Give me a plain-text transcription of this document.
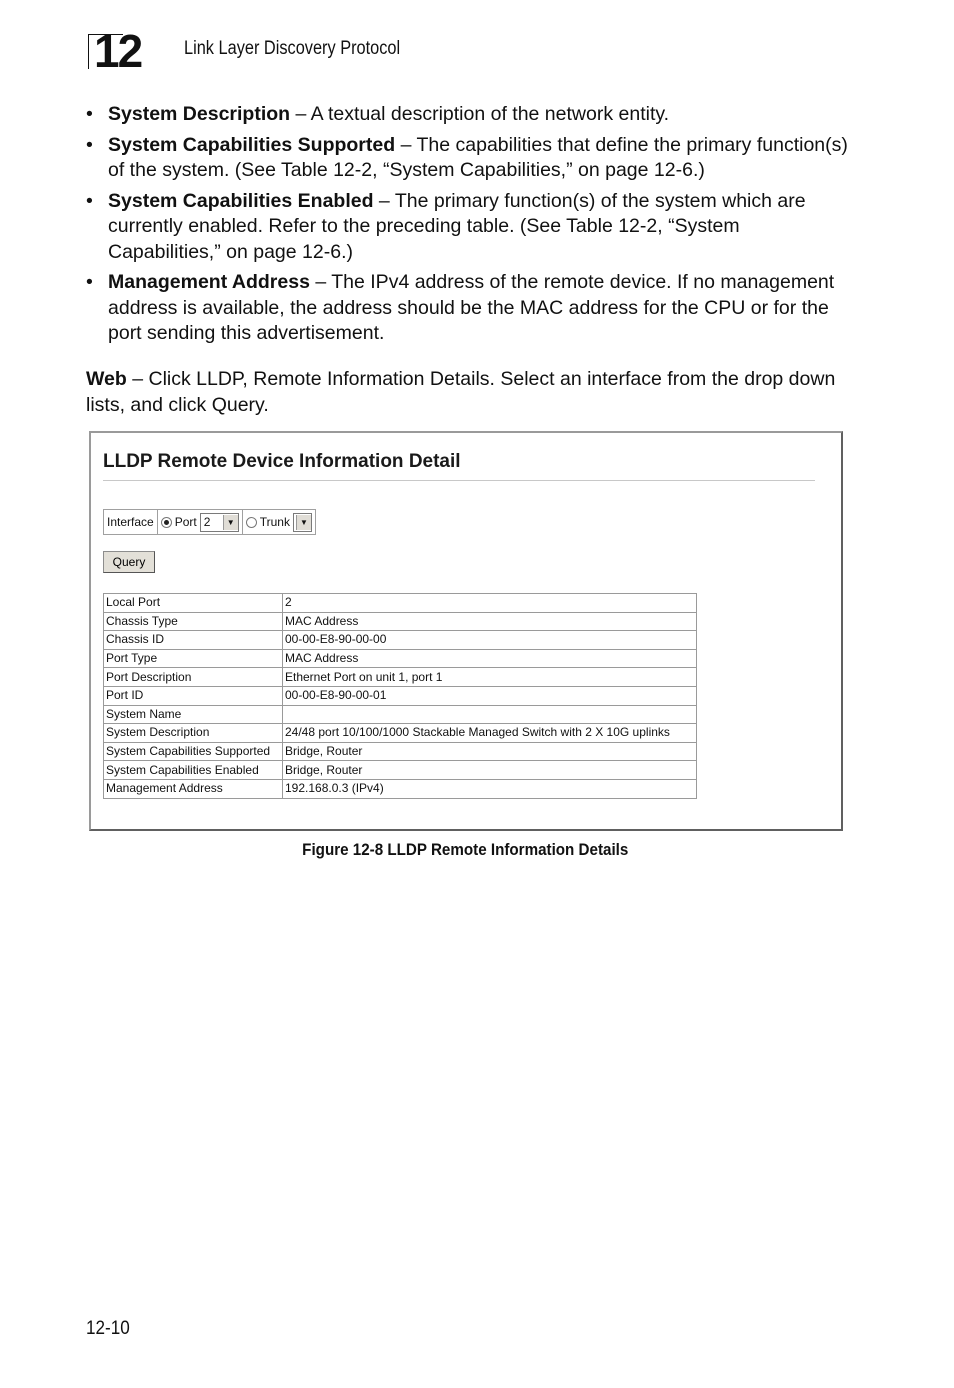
12 Link Layer Discovery Protocol
• System Description – A textual description of the network entity.
• System Capabilities Supported – The capabilities that define the primary function(s) of the system. (See Table 12-2, “System Capabilities,” on page 12-6.)
• System Capabilities Enabled – The primary function(s) of the system which are currently enabled. Refer to the preceding table. (See Table 12-2, “System Capabilities,” on page 12-6.)
• Management Address – The IPv4 address of the remote device. If no management address is available, the address should be the MAC address for the CPU or for the port sending this advertisement.
Web – Click LLDP, Remote Information Details. Select an interface from the drop down lists, and click Query.
LLDP Remote Device Information Detail
Interface Port 2	▼ Trunk	▼
Query
Local Port	2
Chassis Type	MAC Address
Chassis ID	00-00-E8-90-00-00
Port Type	MAC Address
Port Description	Ethernet Port on unit 1, port 1
Port ID	00-00-E8-90-00-01
System Name	
System Description	24/48 port 10/100/1000 Stackable Managed Switch with 2 X 10G uplinks
System Capabilities Supported	Bridge, Router
System Capabilities Enabled	Bridge, Router
Management Address	192.168.0.3 (IPv4)
Figure 12-8 LLDP Remote Information Details
12-10
